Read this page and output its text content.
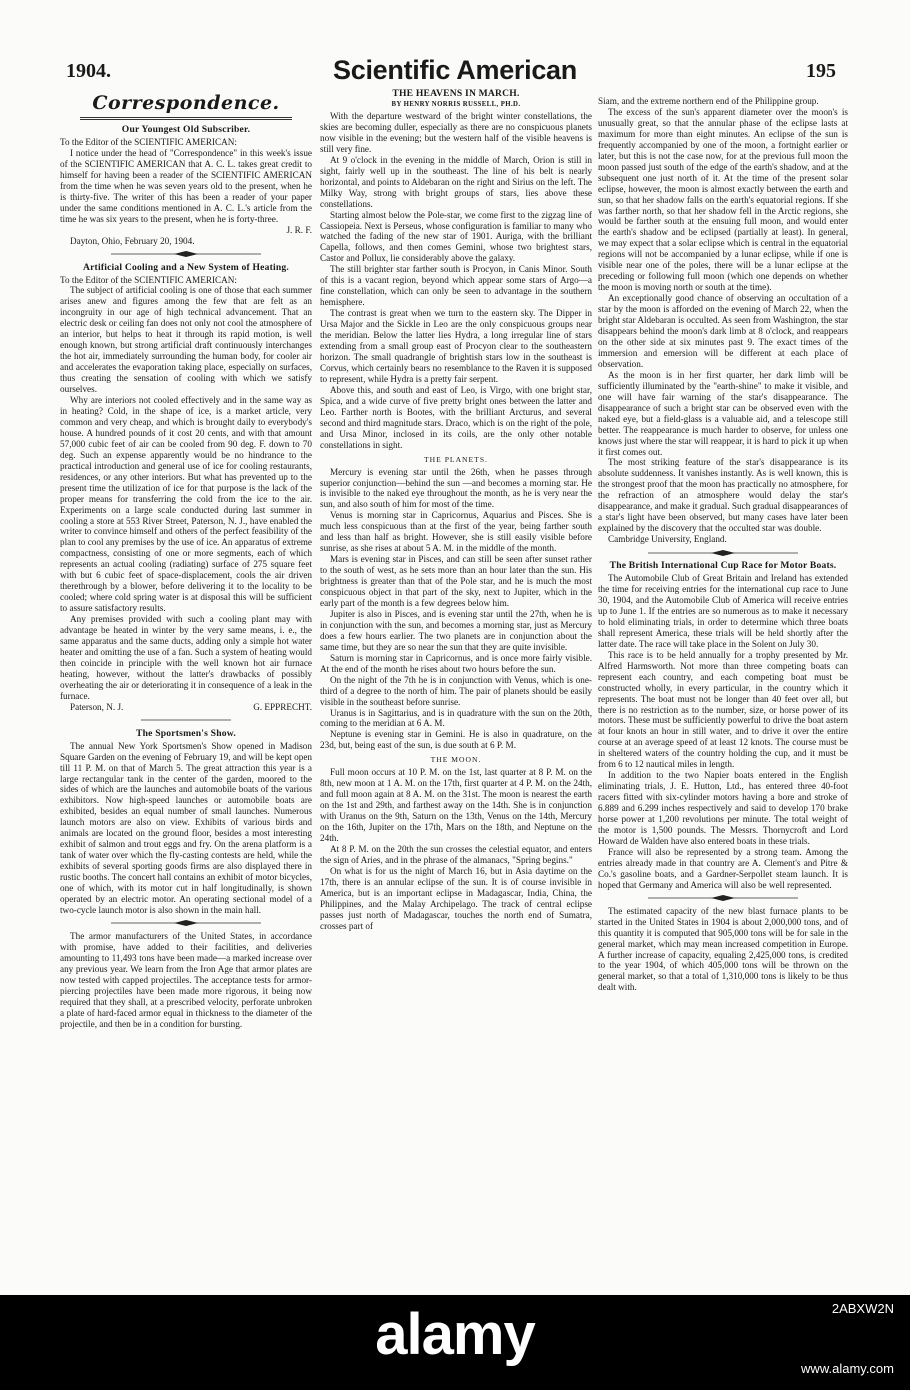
1904.	Scientific American	195
Correspondence.
Our Youngest Old Subscriber.
To the Editor of the SCIENTIFIC AMERICAN:
I notice under the head of "Correspondence" in this week's issue of the SCIENTIFIC AMERICAN that A. C. L. takes great credit to himself for having been a reader of the SCIENTIFIC AMERICAN from the time when he was seven years old to the present, when he is thirty-five. The writer of this has been a reader of your paper under the same conditions mentioned in A. C. L.'s article from the time he was six years to the present, when he is forty-three.
J. R. F.
Dayton, Ohio, February 20, 1904.
Artificial Cooling and a New System of Heating.
To the Editor of the SCIENTIFIC AMERICAN:
The subject of artificial cooling is one of those that each summer arises anew and figures among the few that are felt as an incongruity in our age of high technical advancement. That an electric desk or ceiling fan does not only not cool the atmosphere of an interior, but helps to heat it through its rapid motion, is well enough known, but strong artificial draft continuously interchanges the hot air, immediately surrounding the human body, for cooler air and accelerates the evaporation taking place, especially on surfaces, thus creating the sensation of cooling with which we satisfy ourselves.
Why are interiors not cooled effectively and in the same way as in heating? Cold, in the shape of ice, is a market article, very common and very cheap, and which is brought daily to everybody's house. A hundred pounds of it cost 20 cents, and with that amount 57,000 cubic feet of air can be cooled from 90 deg. F. down to 70 deg. Such an expense apparently would be no hindrance to the practical introduction and general use of ice for cooling restaurants, residences, or any other interiors. But what has prevented up to the present time the utilization of ice for that purpose is the lack of the proper means for transferring the cold from the ice to the air. Experiments on a large scale conducted during last summer in cooling a store at 553 River Street, Paterson, N. J., have enabled the writer to convince himself and others of the perfect feasibility of the plan to cool any premises by the use of ice. An apparatus of extreme compactness, consisting of one or more segments, each of which represents an actual cooling (radiating) surface of 275 square feet with but 6 cubic feet of space-displacement, cools the air driven therethrough by a blower, before delivering it to the locality to be cooled; where cold spring water is at disposal this will be sufficient to assure satisfactory results.
Any premises provided with such a cooling plant may with advantage be heated in winter by the very same means, i. e., the same apparatus and the same ducts, adding only a simple hot water heater and omitting the use of a fan. Such a system of heating would then coincide in principle with the well known hot air furnace heating, however, without the latter's drawbacks of possibly overheating the air or deteriorating it in consequence of a leak in the furnace.
Paterson, N. J.	G. EPPRECHT.
The Sportsmen's Show.
The annual New York Sportsmen's Show opened in Madison Square Garden on the evening of February 19, and will be kept open till 11 P. M. on that of March 5. The great attraction this year is a large rectangular tank in the center of the garden, moored to the sides of which are the launches and automobile boats of the various exhibitors. Now high-speed launches or automobile boats are exhibited, besides an equal number of small launches. Numerous launch motors are also on view. Exhibits of various birds and animals are located on the ground floor, besides a most interesting exhibit of salmon and trout eggs and fry. On the arena platform is a tank of water over which the fly-casting contests are held, while the exhibits of several sporting goods firms are also displayed there in rustic booths. The concert hall contains an exhibit of motor bicycles, one of which, with its motor cut in half longitudinally, is shown operated by an electric motor. An operating sectional model of a two-cycle launch motor is also shown in the main hall.
The armor manufacturers of the United States, in accordance with promise, have added to their facilities, and deliveries amounting to 11,493 tons have been made—a marked increase over any previous year. We learn from the Iron Age that armor plates are now tested with capped projectiles. The acceptance tests for armor-piercing projectiles have been made more rigorous, it being now required that they shall, at a prescribed velocity, perforate unbroken a plate of hard-faced armor equal in thickness to the diameter of the projectile, and then be in a condition for bursting.
THE HEAVENS IN MARCH.
BY HENRY NORRIS RUSSELL, PH.D.
With the departure westward of the bright winter constellations, the skies are becoming duller, especially as there are no conspicuous planets now visible in the evening; but the western half of the visible heavens is still very fine.
At 9 o'clock in the evening in the middle of March, Orion is still in sight, fairly well up in the southeast. The line of his belt is nearly horizontal, and points to Aldebaran on the right and Sirius on the left. The Milky Way, strong with bright groups of stars, lies above these constellations.
Starting almost below the Pole-star, we come first to the zigzag line of Cassiopeia. Next is Perseus, whose configuration is familiar to many who watched the fading of the new star of 1901. Auriga, with the brilliant Capella, follows, and then comes Gemini, whose two brightest stars, Castor and Pollux, lie considerably above the galaxy.
The still brighter star farther south is Procyon, in Canis Minor. South of this is a vacant region, beyond which appear some stars of Argo—a fine constellation, which can only be seen to advantage in the southern hemisphere.
The contrast is great when we turn to the eastern sky. The Dipper in Ursa Major and the Sickle in Leo are the only conspicuous groups near the meridian. Below the latter lies Hydra, a long irregular line of stars extending from a small group east of Procyon clear to the southeastern horizon. The small quadrangle of brightish stars low in the southeast is Corvus, which certainly bears no resemblance to the Raven it is supposed to represent, while Hydra is a pretty fair serpent.
Above this, and south and east of Leo, is Virgo, with one bright star, Spica, and a wide curve of five pretty bright ones between the latter and Leo. Farther north is Bootes, with the brilliant Arcturus, and several second and third magnitude stars. Draco, which is on the right of the pole, and Ursa Minor, inclosed in its coils, are the only other notable constellations in sight.
THE PLANETS.
Mercury is evening star until the 26th, when he passes through superior conjunction—behind the sun —and becomes a morning star. He is invisible to the naked eye throughout the month, as he is very near the sun, and also south of him for most of the time.
Venus is morning star in Capricornus, Aquarius and Pisces. She is much less conspicuous than at the first of the year, being farther south and less than half as bright. However, she is still easily visible before sunrise, as she rises at about 5 A. M. in the middle of the month.
Mars is evening star in Pisces, and can still be seen after sunset rather to the south of west, as he sets more than an hour later than the sun. His brightness is greater than that of the Pole star, and he is much the most conspicuous object in that part of the sky, next to Jupiter, which in the early part of the month is a few degrees below him.
Jupiter is also in Pisces, and is evening star until the 27th, when he is in conjunction with the sun, and becomes a morning star, just as Mercury does a few hours earlier. The two planets are in conjunction about the same time, but they are so near the sun that they are quite invisible.
Saturn is morning star in Capricornus, and is once more fairly visible. At the end of the month he rises about two hours before the sun.
On the night of the 7th he is in conjunction with Venus, which is one-third of a degree to the north of him. The pair of planets should be easily visible in the southeast before sunrise.
Uranus is in Sagittarius, and is in quadrature with the sun on the 20th, coming to the meridian at 6 A. M.
Neptune is evening star in Gemini. He is also in quadrature, on the 23d, but, being east of the sun, is due south at 6 P. M.
THE MOON.
Full moon occurs at 10 P. M. on the 1st, last quarter at 8 P. M. on the 8th, new moon at 1 A. M. on the 17th, first quarter at 4 P. M. on the 24th, and full moon again at 8 A. M. on the 31st. The moon is nearest the earth on the 1st and 29th, and farthest away on the 14th. She is in conjunction with Uranus on the 9th, Saturn on the 13th, Venus on the 14th, Mercury on the 16th, Jupiter on the 17th, Mars on the 18th, and Neptune on the 24th.
At 8 P. M. on the 20th the sun crosses the celestial equator, and enters the sign of Aries, and in the phrase of the almanacs, "Spring begins."
On what is for us the night of March 16, but in Asia daytime on the 17th, there is an annular eclipse of the sun. It is of course invisible in America, but is an important eclipse in Madagascar, India, China, the Philippines, and the Malay Archipelago. The track of central eclipse passes just north of Madagascar, touches the north end of Sumatra, crosses part of
Siam, and the extreme northern end of the Philippine group.
The excess of the sun's apparent diameter over the moon's is unusually great, so that the annular phase of the eclipse lasts at maximum for more than eight minutes. An eclipse of the sun is frequently accompanied by one of the moon, a fortnight earlier or later, but this is not the case now, for at the previous full moon the moon passed just south of the edge of the earth's shadow, and at the subsequent one just north of it. At the time of the present solar eclipse, however, the moon is almost exactly between the earth and sun, so that her shadow falls on the earth's equatorial regions. If she was farther north, so that her shadow fell in the Arctic regions, she would be farther south at the ensuing full moon, and would enter the earth's shadow and be eclipsed (partially at least). In general, we may expect that a solar eclipse which is central in the equatorial regions will not be accompanied by a lunar eclipse, while if one is visible near one of the poles, there will be a lunar eclipse at the preceding or following full moon (which one depends on whether the moon is moving north or south at the time).
An exceptionally good chance of observing an occultation of a star by the moon is afforded on the evening of March 22, when the bright star Aldebaran is occulted. As seen from Washington, the star disappears behind the moon's dark limb at 8 o'clock, and reappears on the other side at six minutes past 9. The exact times of the immersion and emersion will be different at each place of observation.
As the moon is in her first quarter, her dark limb will be sufficiently illuminated by the "earth-shine" to make it visible, and one will have fair warning of the star's disappearance. The disappearance of such a bright star can be observed even with the naked eye, but a field-glass is a valuable aid, and a telescope still better. The reappearance is much harder to observe, for unless one knows just where the star will reappear, it is hard to pick it up when it first comes out.
The most striking feature of the star's disappearance is its absolute suddenness. It vanishes instantly. As is well known, this is the strongest proof that the moon has practically no atmosphere, for the refraction of an atmosphere would delay the star's disappearance, and make it gradual. Such gradual disappearances of a star's light have been observed, but many cases have later been explained by the discovery that the occulted star was double.
Cambridge University, England.
The British International Cup Race for Motor Boats.
The Automobile Club of Great Britain and Ireland has extended the time for receiving entries for the international cup race to June 30, 1904, and the Automobile Club of America will receive entries up to June 1. If the entries are so numerous as to make it necessary to hold eliminating trials, in order to determine which three boats shall represent America, these trials will be held shortly after the latter date. The race will take place in the Solent on July 30.
This race is to be held annually for a trophy presented by Mr. Alfred Harmsworth. Not more than three competing boats can represent each country, and each competing boat must be constructed wholly, in every particular, in the country which it represents. The boat must not be longer than 40 feet over all, but there is no restriction as to the number, size, or horse power of its motors. These must be sufficiently powerful to drive the boat astern at four knots an hour in still water, and to drive it over the entire course at an average speed of at least 12 knots. The course must be in sheltered waters of the country holding the cup, and it must be from 6 to 12 nautical miles in length.
In addition to the two Napier boats entered in the English eliminating trials, J. E. Hutton, Ltd., has entered three 40-foot racers fitted with six-cylinder motors having a bore and stroke of 6.889 and 6.299 inches respectively and said to develop 170 brake horse power at 1,200 revolutions per minute. The total weight of the motor is 1,500 pounds. The Messrs. Thornycroft and Lord Howard de Walden have also entered boats in these trials.
France will also be represented by a strong team. Among the entries already made in that country are A. Clement's and Pitre & Co.'s gasoline boats, and a Gardner-Serpollet steam launch. It is hoped that Germany and America will also be well represented.
The estimated capacity of the new blast furnace plants to be started in the United States in 1904 is about 2,000,000 tons, and of this quantity it is computed that 905,000 tons will be for sale in the general market, which may mean increased competition in Europe. A further increase of capacity, equaling 2,425,000 tons, is credited to the year 1904, of which 405,000 tons will be thrown on the general market, so that a total of 1,310,000 tons is likely to be thus dealt with.
alamy	2ABXW2N
www.alamy.com
